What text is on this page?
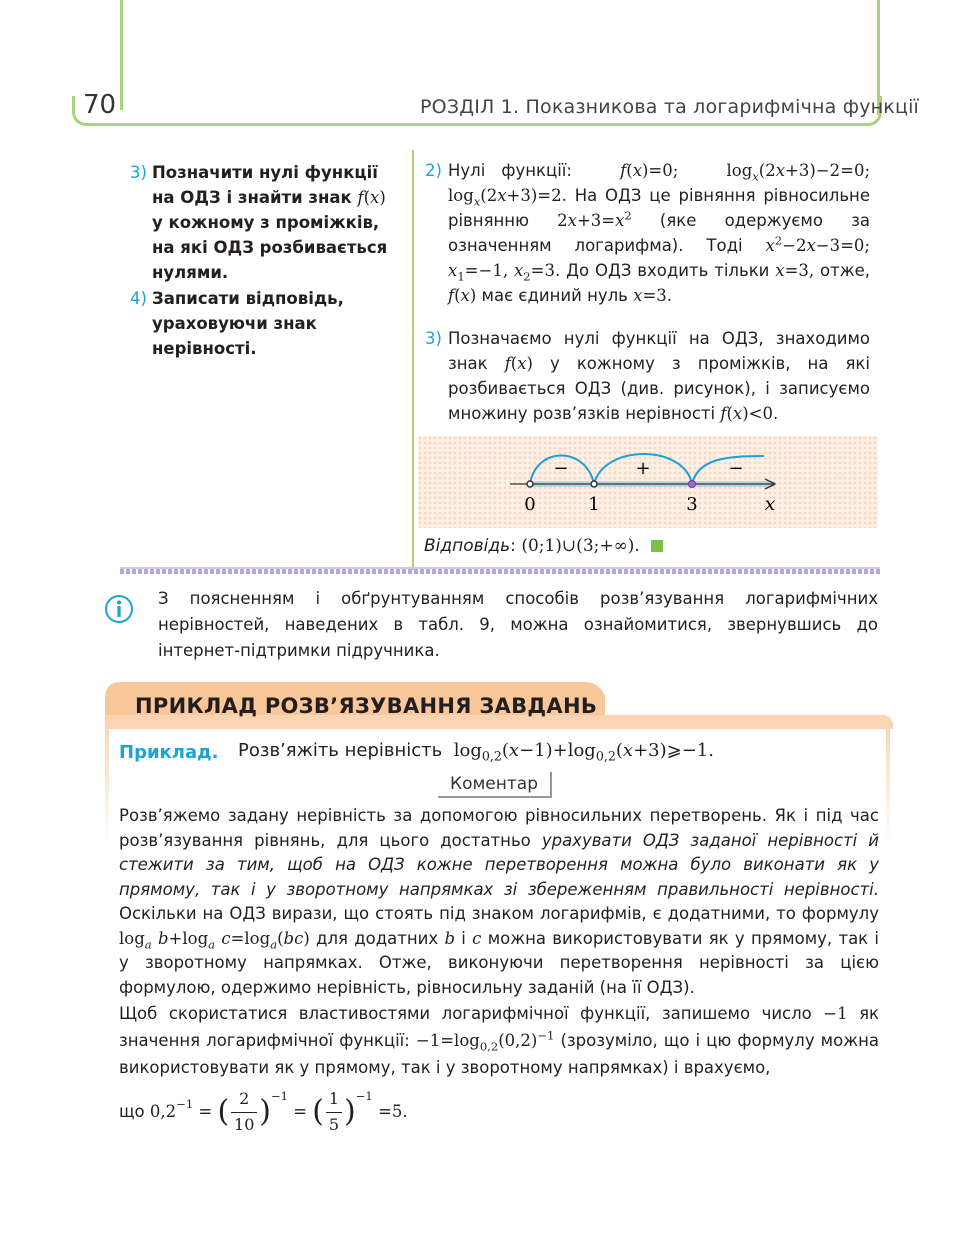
70	РОЗДІЛ 1. Показникова та логарифмічна функції
3) Позначити нулі функції на ОДЗ і знайти знак f(x) у кожному з проміжків, на які ОДЗ розбивається нулями.
4) Записати відповідь, ураховуючи знак нерівності.
2) Нулі функції:	f(x)=0;   $\log_x(2x+3)-2=0$; $\log_x(2x+3)=2$. На ОДЗ це рівняння рівносильне рівнянню $2x+3=x^2$ (яке одержуємо за означенням логарифма). Тоді $x^2-2x-3=0$; $x_1=-1$, $x_2=3$. До ОДЗ входить тільки x=3, отже, f(x) має єдиний нуль x=3.
3) Позначаємо нулі функції на ОДЗ, знаходимо знак f(x) у кожному з проміжків, на які розбивається ОДЗ (див. рисунок), і записуємо множину розв’язків нерівності f(x)<0.
−	+	−
0	1	3	x
Відповідь: (0;1)∪(3;+∞).
З поясненням і обґрунтуванням способів розв’язування логарифмічних нерівностей, наведених в табл. 9, можна ознайомитися, звернувшись до інтернет-підтримки підручника.
ПРИКЛАД РОЗВ’ЯЗУВАННЯ ЗАВДАНЬ
Приклад. Розв’яжіть нерівність $\log_{0,2}(x-1)+\log_{0,2}(x+3)⩾-1$.
Коментар

Розв’яжемо задану нерівність за допомогою рівносильних перетворень. Як і під час розв’язування рівнянь, для цього достатньо урахувати ОДЗ заданої нерівності й стежити за тим, щоб на ОДЗ кожне перетворення можна було виконати як у прямому, так і у зворотному напрямках зі збереженням правильності нерівності. Оскільки на ОДЗ вирази, що стоять під знаком логарифмів, є додатними, то формулу $\log_a b+\log_a$ $c=\log_a(bc)$ для додатних b і c можна використовувати як у прямому, так і у зворотному напрямках. Отже, виконуючи перетворення нерівності за цією формулою, одержимо нерівність, рівносильну заданій (на її ОДЗ).

Щоб скористатися властивостями логарифмічної функції, запишемо число −1 як значення логарифмічної функції: $-1=\log_{0,2}(0,2)^{-1}$ (зрозуміло, що і цю формулу можна використовувати як у прямому, так і у зворотному напрямках) і врахуємо,

що $0,2^{-1}$ = ( 2
10 )$^{-1}$
= ( 1
5 )$^{-1}$
=5.
